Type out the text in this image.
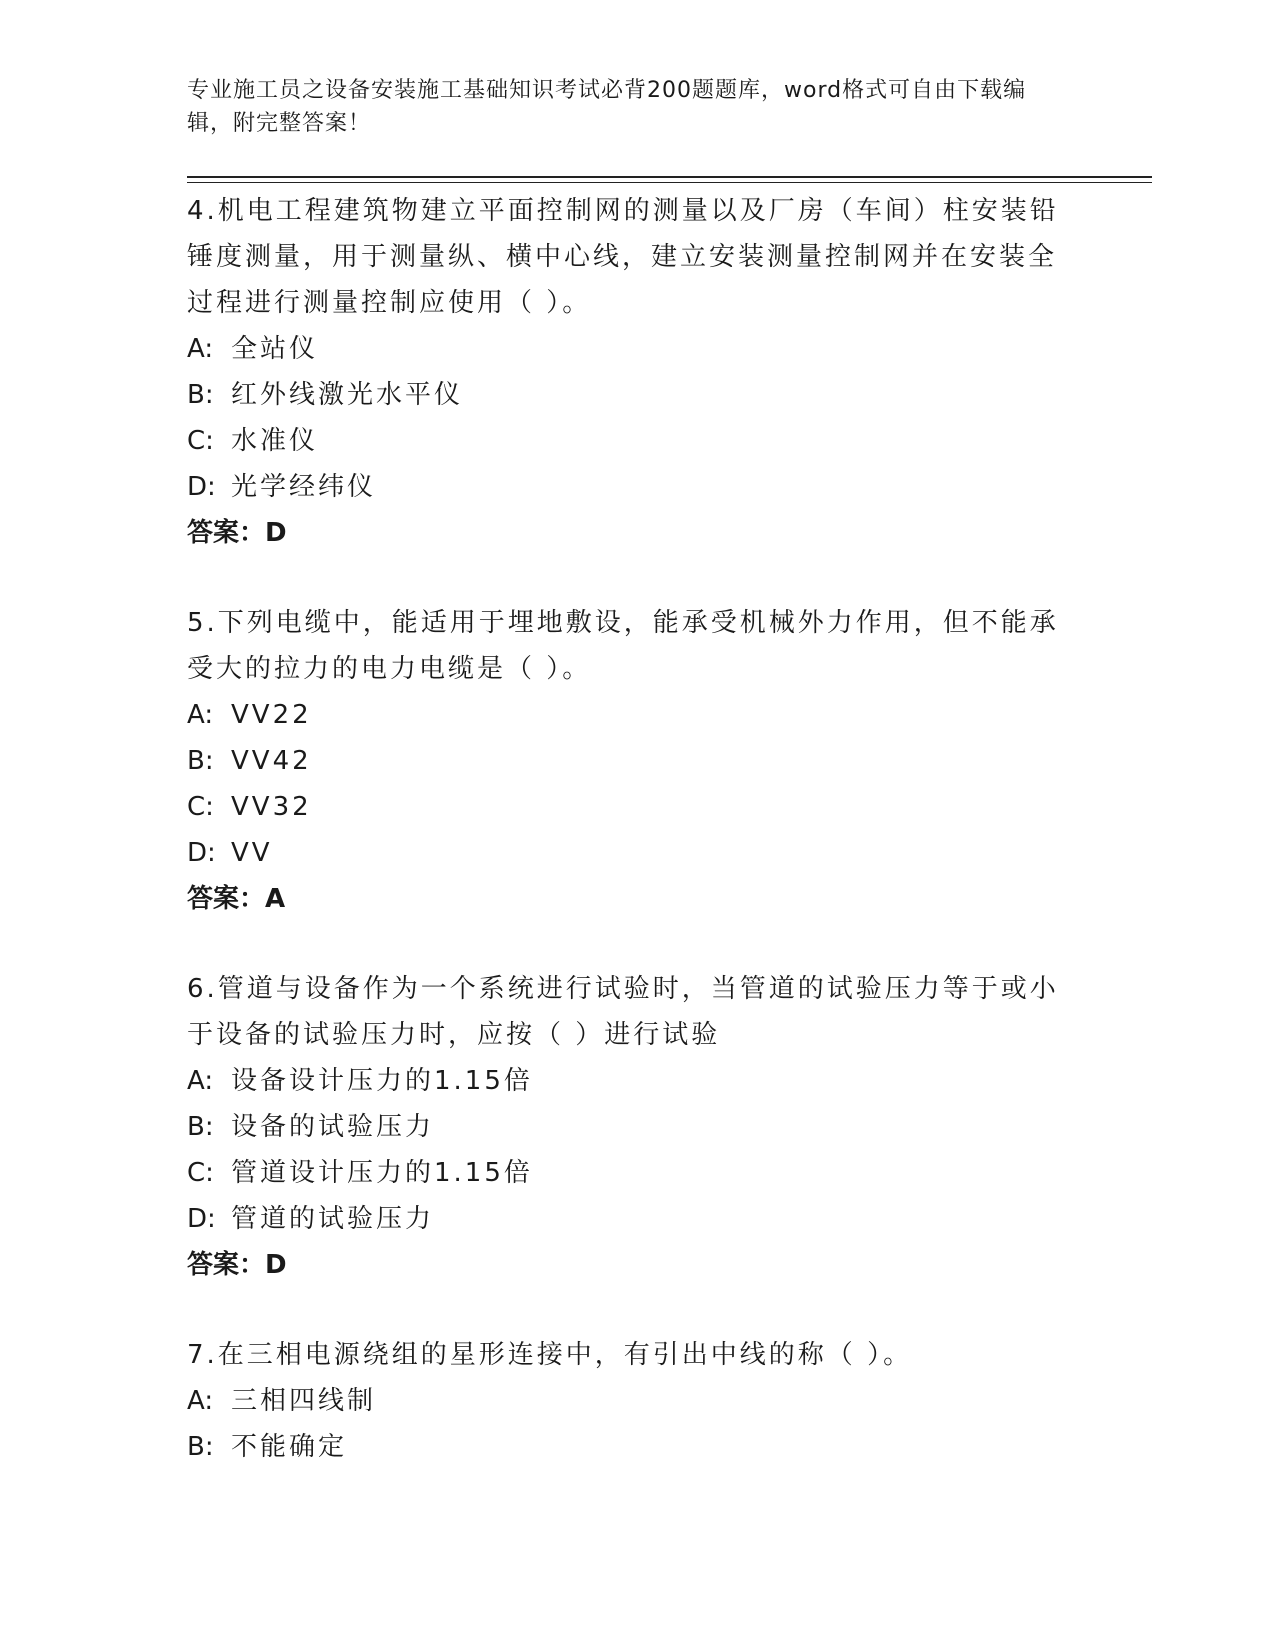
专业施工员之设备安装施工基础知识考试必背200题题库，word格式可自由下载编辑，附完整答案！

4.机电工程建筑物建立平面控制网的测量以及厂房（车间）柱安装铅锤度测量，用于测量纵、横中心线，建立安装测量控制网并在安装全过程进行测量控制应使用（ ）。

A: 全站仪

B: 红外线激光水平仪

C: 水准仪

D: 光学经纬仪

答案：D

5.下列电缆中，能适用于埋地敷设，能承受机械外力作用，但不能承受大的拉力的电力电缆是（ ）。

A: VV22

B: VV42

C: VV32

D: VV

答案：A

6.管道与设备作为一个系统进行试验时，当管道的试验压力等于或小于设备的试验压力时，应按（ ）进行试验

A: 设备设计压力的1.15倍

B: 设备的试验压力

C: 管道设计压力的1.15倍

D: 管道的试验压力

答案：D

7.在三相电源绕组的星形连接中，有引出中线的称（ ）。

A: 三相四线制

B: 不能确定
